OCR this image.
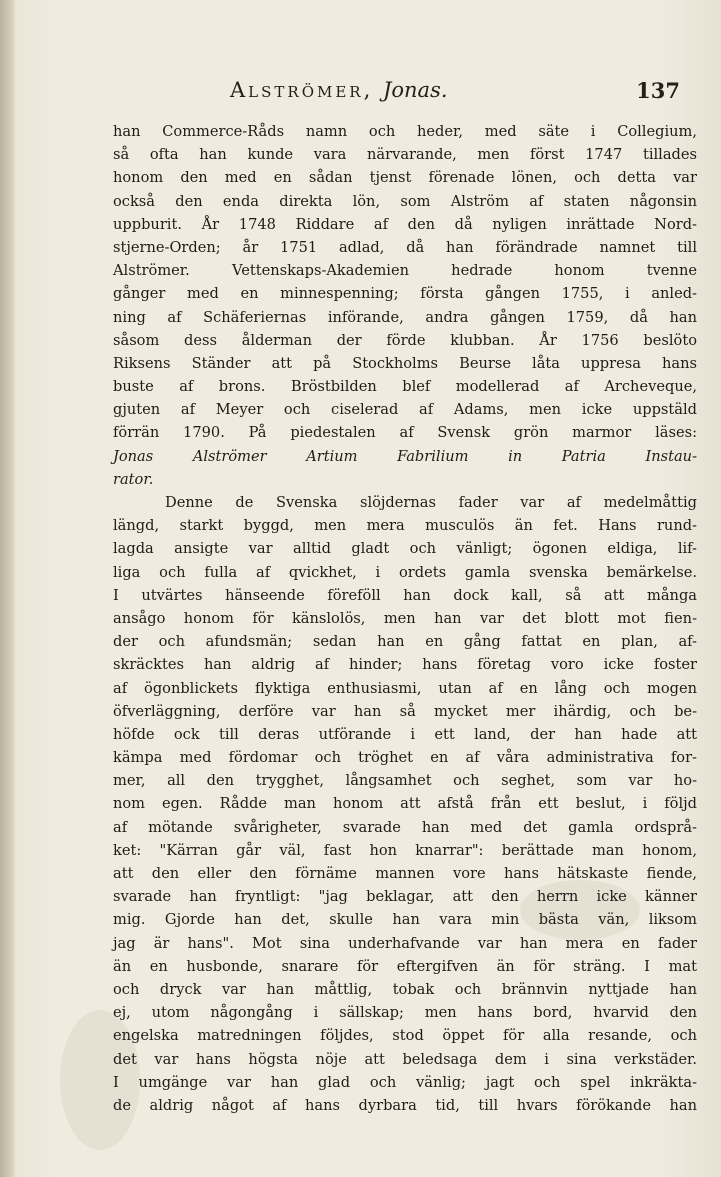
Alströmer, Jonas.	137
han Commerce-Råds namn och heder, med säte i Collegium,
så ofta han kunde vara närvarande, men först 1747 tillades
honom den med en sådan tjenst förenade lönen, och detta var
också den enda direkta lön, som Alström af staten någonsin
uppburit. År 1748 Riddare af den då nyligen inrättade Nord-
stjerne-Orden; år 1751 adlad, då han förändrade namnet till
Alströmer. Vettenskaps-Akademien hedrade honom tvenne
gånger med en minnespenning; första gången 1755, i anled-
ning af Schäferiernas införande, andra gången 1759, då han
såsom dess ålderman der förde klubban. År 1756 beslöto
Riksens Ständer att på Stockholms Beurse låta uppresa hans
buste af brons. Bröstbilden blef modellerad af Archeveque,
gjuten af Meyer och ciselerad af Adams, men icke uppstäld
förrän 1790. På piedestalen af Svensk grön marmor läses:
Jonas Alströmer Artium Fabrilium in Patria Instau-
rator.
Denne de Svenska slöjdernas fader var af medelmåttig
längd, starkt byggd, men mera musculös än fet. Hans rund-
lagda ansigte var alltid gladt och vänligt; ögonen eldiga, lif-
liga och fulla af qvickhet, i ordets gamla svenska bemärkelse.
I utvärtes hänseende föreföll han dock kall, så att många
ansågo honom för känslolös, men han var det blott mot fien-
der och afundsmän; sedan han en gång fattat en plan, af-
skräcktes han aldrig af hinder; hans företag voro icke foster
af ögonblickets flyktiga enthusiasmi, utan af en lång och mogen
öfverläggning, derföre var han så mycket mer ihärdig, och be-
höfde ock till deras utförande i ett land, der han hade att
kämpa med fördomar och tröghet en af våra administrativa for-
mer, all den trygghet, långsamhet och seghet, som var ho-
nom egen. Rådde man honom att afstå från ett beslut, i följd
af mötande svårigheter, svarade han med det gamla ordsprå-
ket: "Kärran går väl, fast hon knarrar": berättade man honom,
att den eller den förnäme mannen vore hans hätskaste fiende,
svarade han fryntligt: "jag beklagar, att den herrn icke känner
mig. Gjorde han det, skulle han vara min bästa vän, liksom
jag är hans". Mot sina underhafvande var han mera en fader
än en husbonde, snarare för eftergifven än för sträng. I mat
och dryck var han måttlig, tobak och brännvin nyttjade han
ej, utom någongång i sällskap; men hans bord, hvarvid den
engelska matredningen följdes, stod öppet för alla resande, och
det var hans högsta nöje att beledsaga dem i sina verkstäder.
I umgänge var han glad och vänlig; jagt och spel inkräkta-
de aldrig något af hans dyrbara tid, till hvars förökande han
